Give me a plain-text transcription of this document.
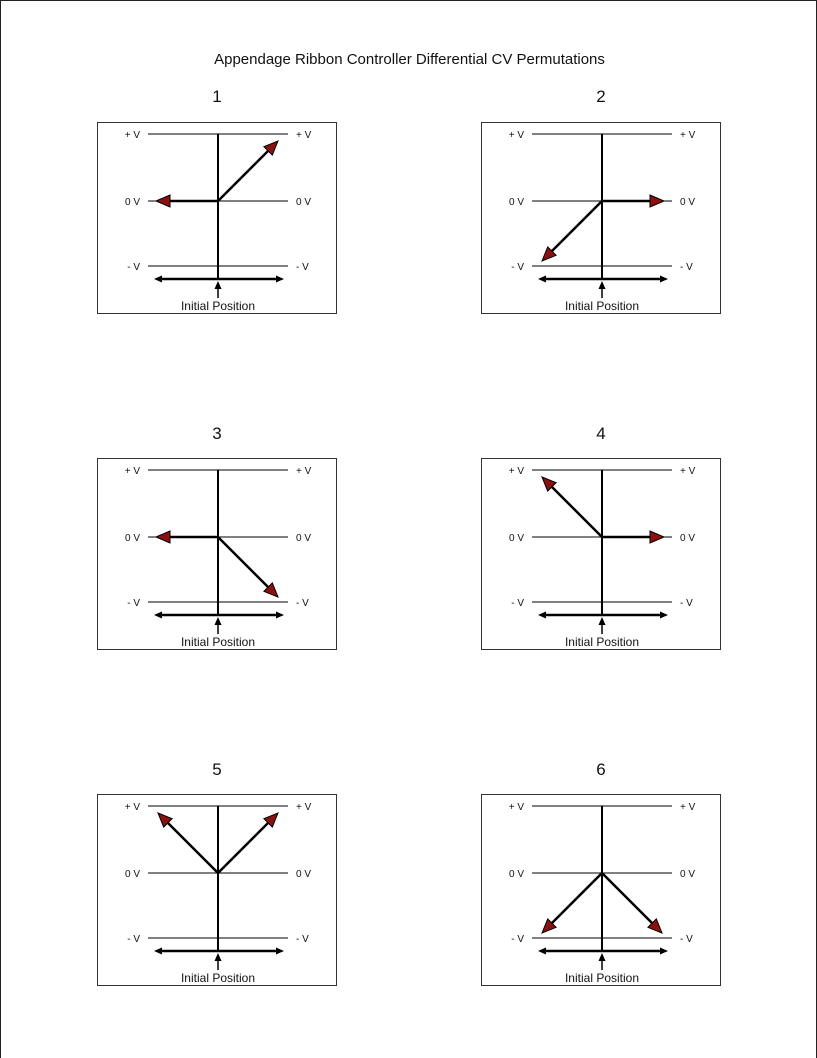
Appendage Ribbon Controller Differential CV Permutations
1
+ V	+ V
0 V	0 V
- V	- V
Initial Position
2
+ V	+ V
0 V	0 V
- V	- V
Initial Position
3
+ V	+ V
0 V	0 V
- V	- V
Initial Position
4
+ V	+ V
0 V	0 V
- V	- V
Initial Position
5
+ V	+ V
0 V	0 V
- V	- V
Initial Position
6
+ V	+ V
0 V	0 V
- V	- V
Initial Position
